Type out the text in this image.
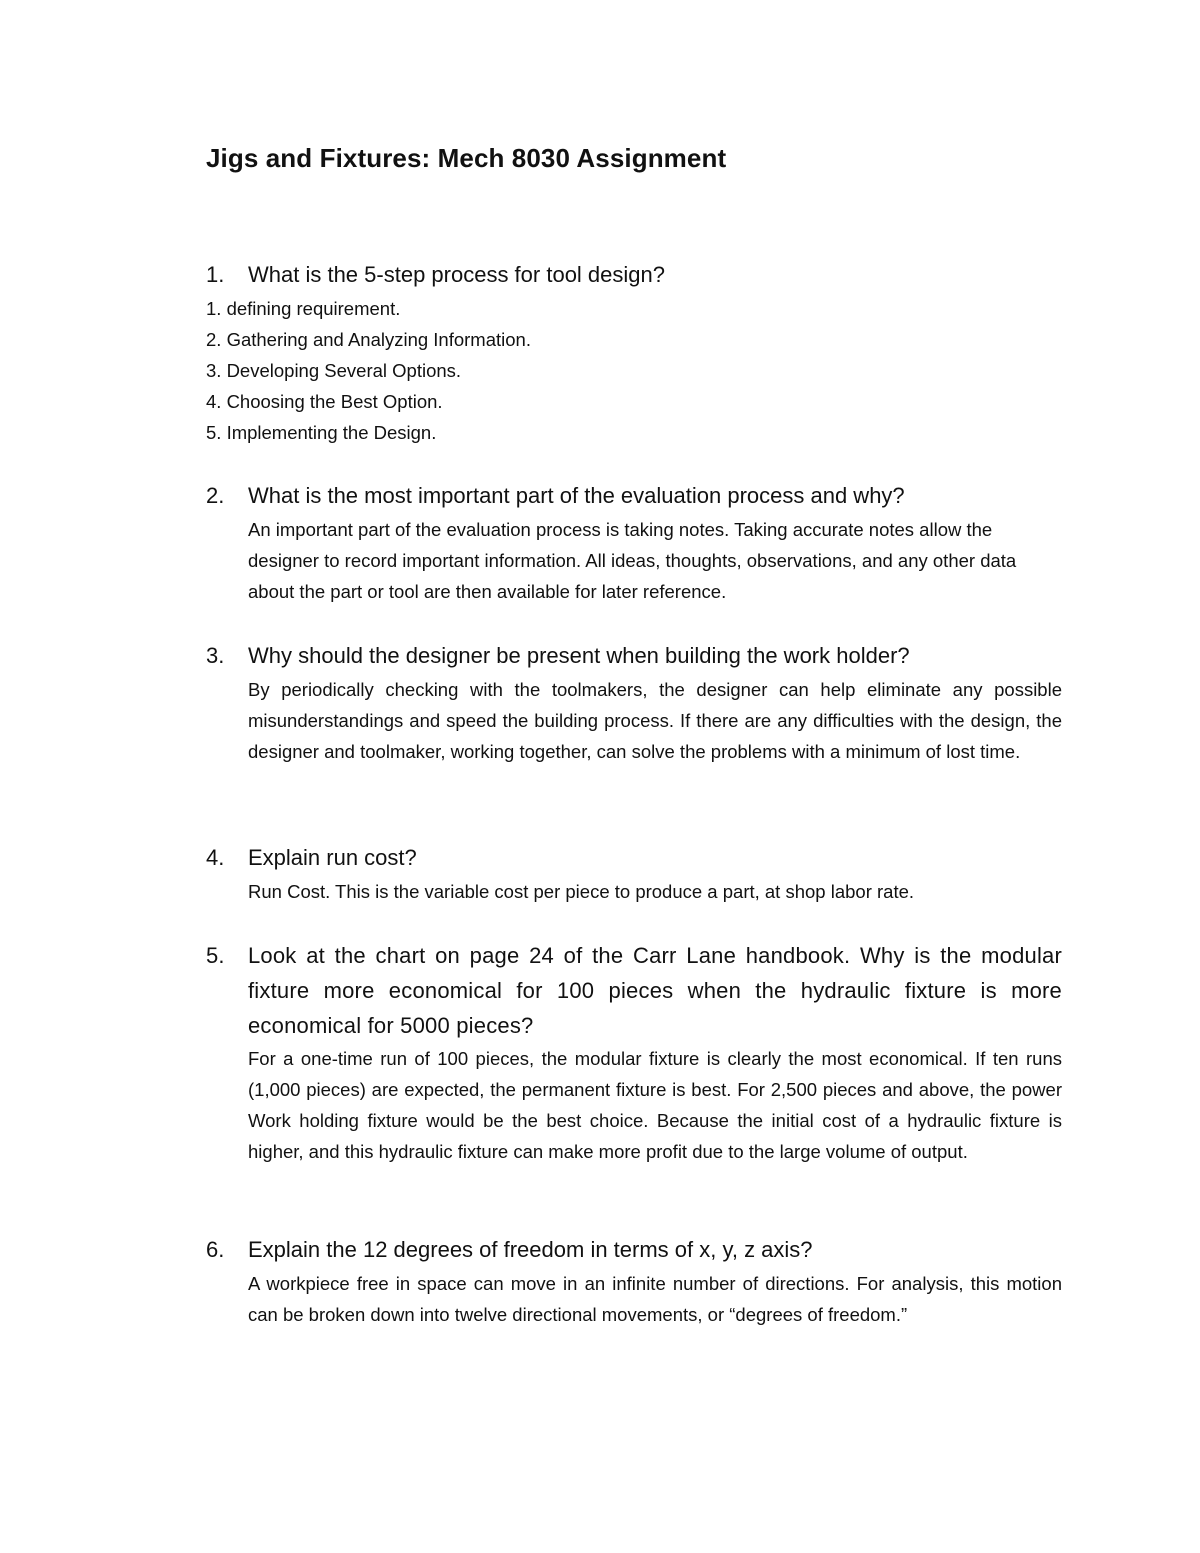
Jigs and Fixtures: Mech 8030 Assignment
1. What is the 5-step process for tool design?
1. defining requirement.
2. Gathering and Analyzing Information.
3. Developing Several Options.
4. Choosing the Best Option.
5. Implementing the Design.
2. What is the most important part of the evaluation process and why?
An important part of the evaluation process is taking notes. Taking accurate notes allow the designer to record important information. All ideas, thoughts, observations, and any other data about the part or tool are then available for later reference.
3. Why should the designer be present when building the work holder?
By periodically checking with the toolmakers, the designer can help eliminate any possible misunderstandings and speed the building process. If there are any difficulties with the design, the designer and toolmaker, working together, can solve the problems with a minimum of lost time.
4. Explain run cost?
Run Cost. This is the variable cost per piece to produce a part, at shop labor rate.
5. Look at the chart on page 24 of the Carr Lane handbook. Why is the modular fixture more economical for 100 pieces when the hydraulic fixture is more economical for 5000 pieces?
For a one-time run of 100 pieces, the modular fixture is clearly the most economical. If ten runs (1,000 pieces) are expected, the permanent fixture is best. For 2,500 pieces and above, the power Work holding fixture would be the best choice. Because the initial cost of a hydraulic fixture is higher, and this hydraulic fixture can make more profit due to the large volume of output.
6. Explain the 12 degrees of freedom in terms of x, y, z axis?
A workpiece free in space can move in an infinite number of directions. For analysis, this motion can be broken down into twelve directional movements, or “degrees of freedom.”
